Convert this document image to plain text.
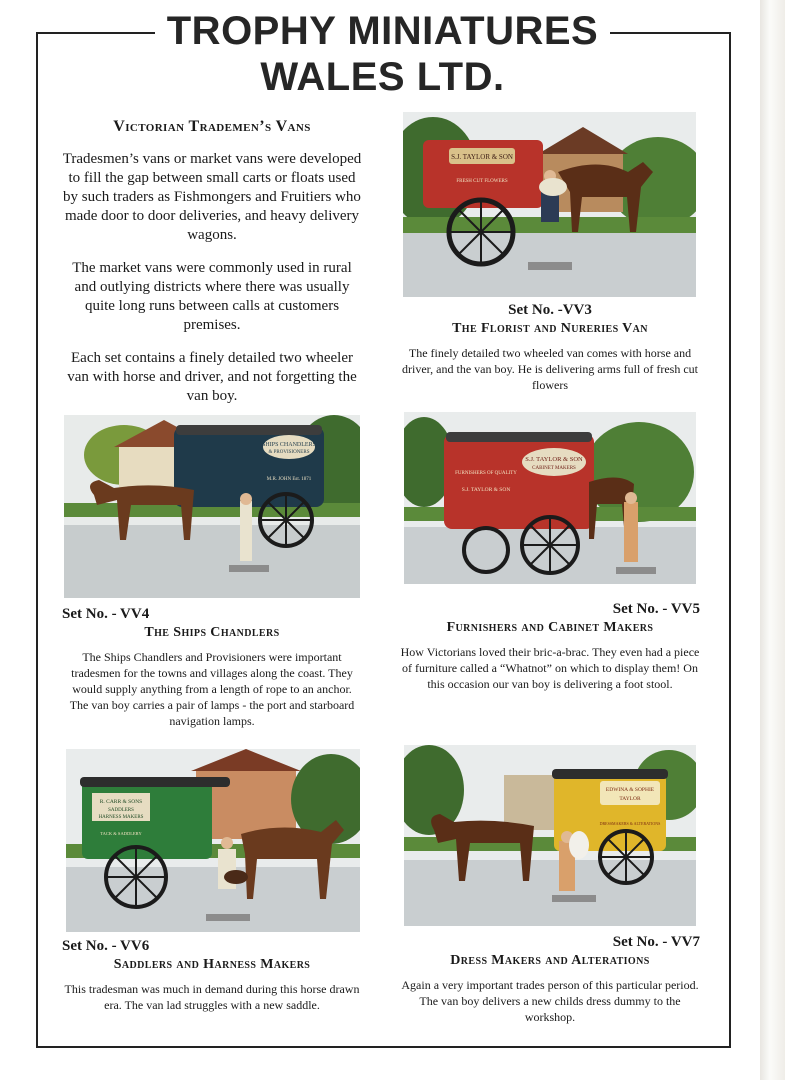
TROPHY MINIATURES
WALES LTD.
Victorian Trademen’s Vans

Tradesmen’s vans or market vans were developed to fill the gap between small carts or floats used by such traders as Fishmongers and Fruitiers who made door to door deliveries, and heavy delivery wagons.

The market vans were commonly used in rural and outlying districts where there was usually quite long runs between calls at customers premises.

Each set contains a finely detailed two wheeler van with horse and driver, and not forgetting the van boy.

S.J. TAYLOR & SON
FRESH CUT FLOWERS
SHIPS CHANDLERS
& PROVISIONERS
M.R. JOHN Est. 1871
S.J. TAYLOR & SON
CABINET MAKERS
FURNISHERS OF QUALITY
S.J. TAYLOR & SON
R. CARR & SONS
SADDLERS
HARNESS MAKERS
TACK & SADDLERY
EDWINA & SOPHIE
TAYLOR
DRESSMAKERS & ALTERATIONS
Set No. -VV3
The Florist and Nureries Van
The finely detailed two wheeled van comes with horse and driver, and the van boy. He is delivering arms full of fresh cut flowers
Set No. - VV4
The Ships Chandlers
The Ships Chandlers and Provisioners were important tradesmen for the towns and villages along the coast. They would supply anything from a length of rope to an anchor. The van boy carries a pair of lamps - the port and starboard navigation lamps.
Set No. - VV5
Furnishers and Cabinet Makers
How Victorians loved their bric-a-brac. They even had a piece of furniture called a “Whatnot” on which to display them! On this occasion our van boy is delivering a foot stool.
Set No. - VV6
Saddlers and Harness Makers
This tradesman was much in demand during this horse drawn era. The van lad struggles with a new saddle.
Set No. - VV7
Dress Makers and Alterations
Again a very important trades person of this particular period. The van boy delivers a new childs dress dummy to the workshop.
